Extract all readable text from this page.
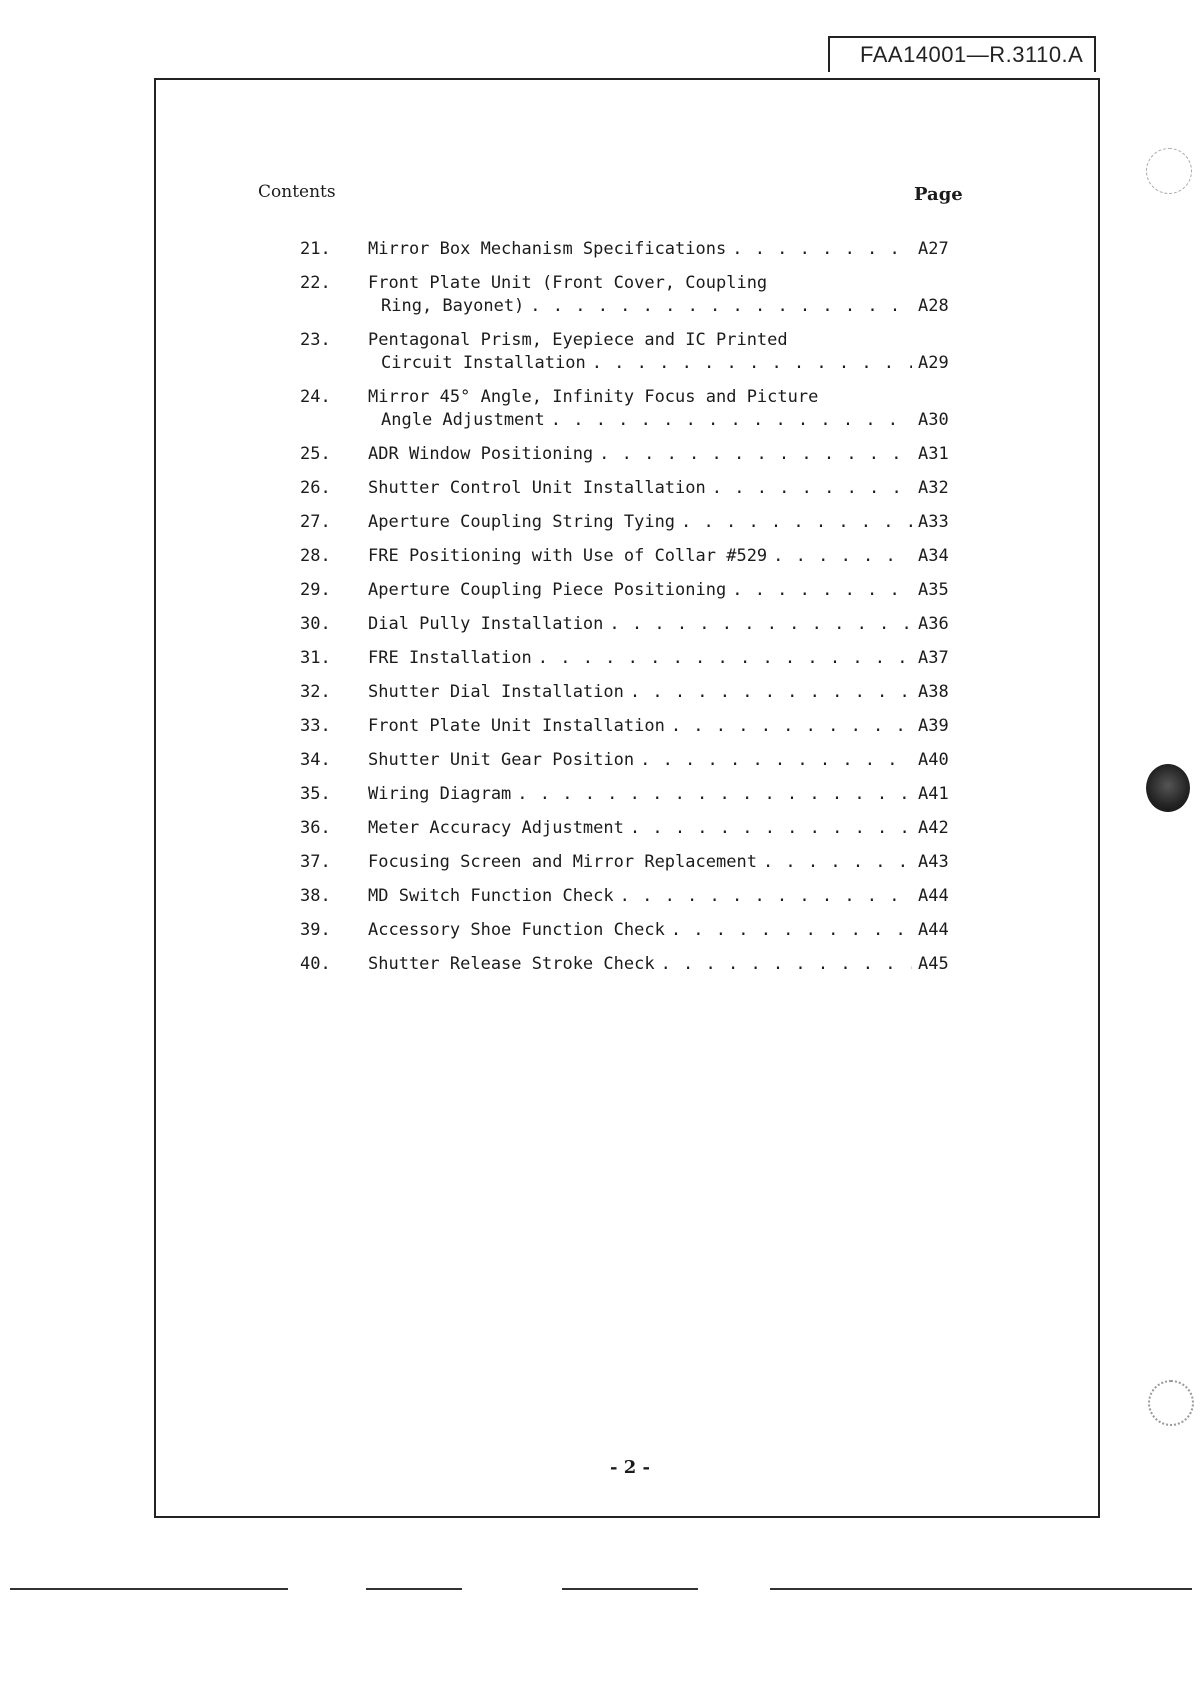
FAA14001—R.3110.A
Contents	Page
21.	Mirror Box Mechanism Specifications . . .	A27
22.	Front Plate Unit (Front Cover, Coupling
Ring, Bayonet) . . .	A28
23.	Pentagonal Prism, Eyepiece and IC Printed
Circuit Installation . . .	A29
24.	Mirror 45° Angle, Infinity Focus and Picture
Angle Adjustment . . .	A30
25.	ADR Window Positioning . . .	A31
26.	Shutter Control Unit Installation . . .	A32
27.	Aperture Coupling String Tying . . .	A33
28.	FRE Positioning with Use of Collar #529 . . .	A34
29.	Aperture Coupling Piece Positioning . . .	A35
30.	Dial Pully Installation . . .	A36
31.	FRE Installation . . .	A37
32.	Shutter Dial Installation . . .	A38
33.	Front Plate Unit Installation . . .	A39
34.	Shutter Unit Gear Position . . .	A40
35.	Wiring Diagram . . .	A41
36.	Meter Accuracy Adjustment . . .	A42
37.	Focusing Screen and Mirror Replacement . . .	A43
38.	MD Switch Function Check . . .	A44
39.	Accessory Shoe Function Check . . .	A44
40.	Shutter Release Stroke Check . . .	A45
- 2 -
